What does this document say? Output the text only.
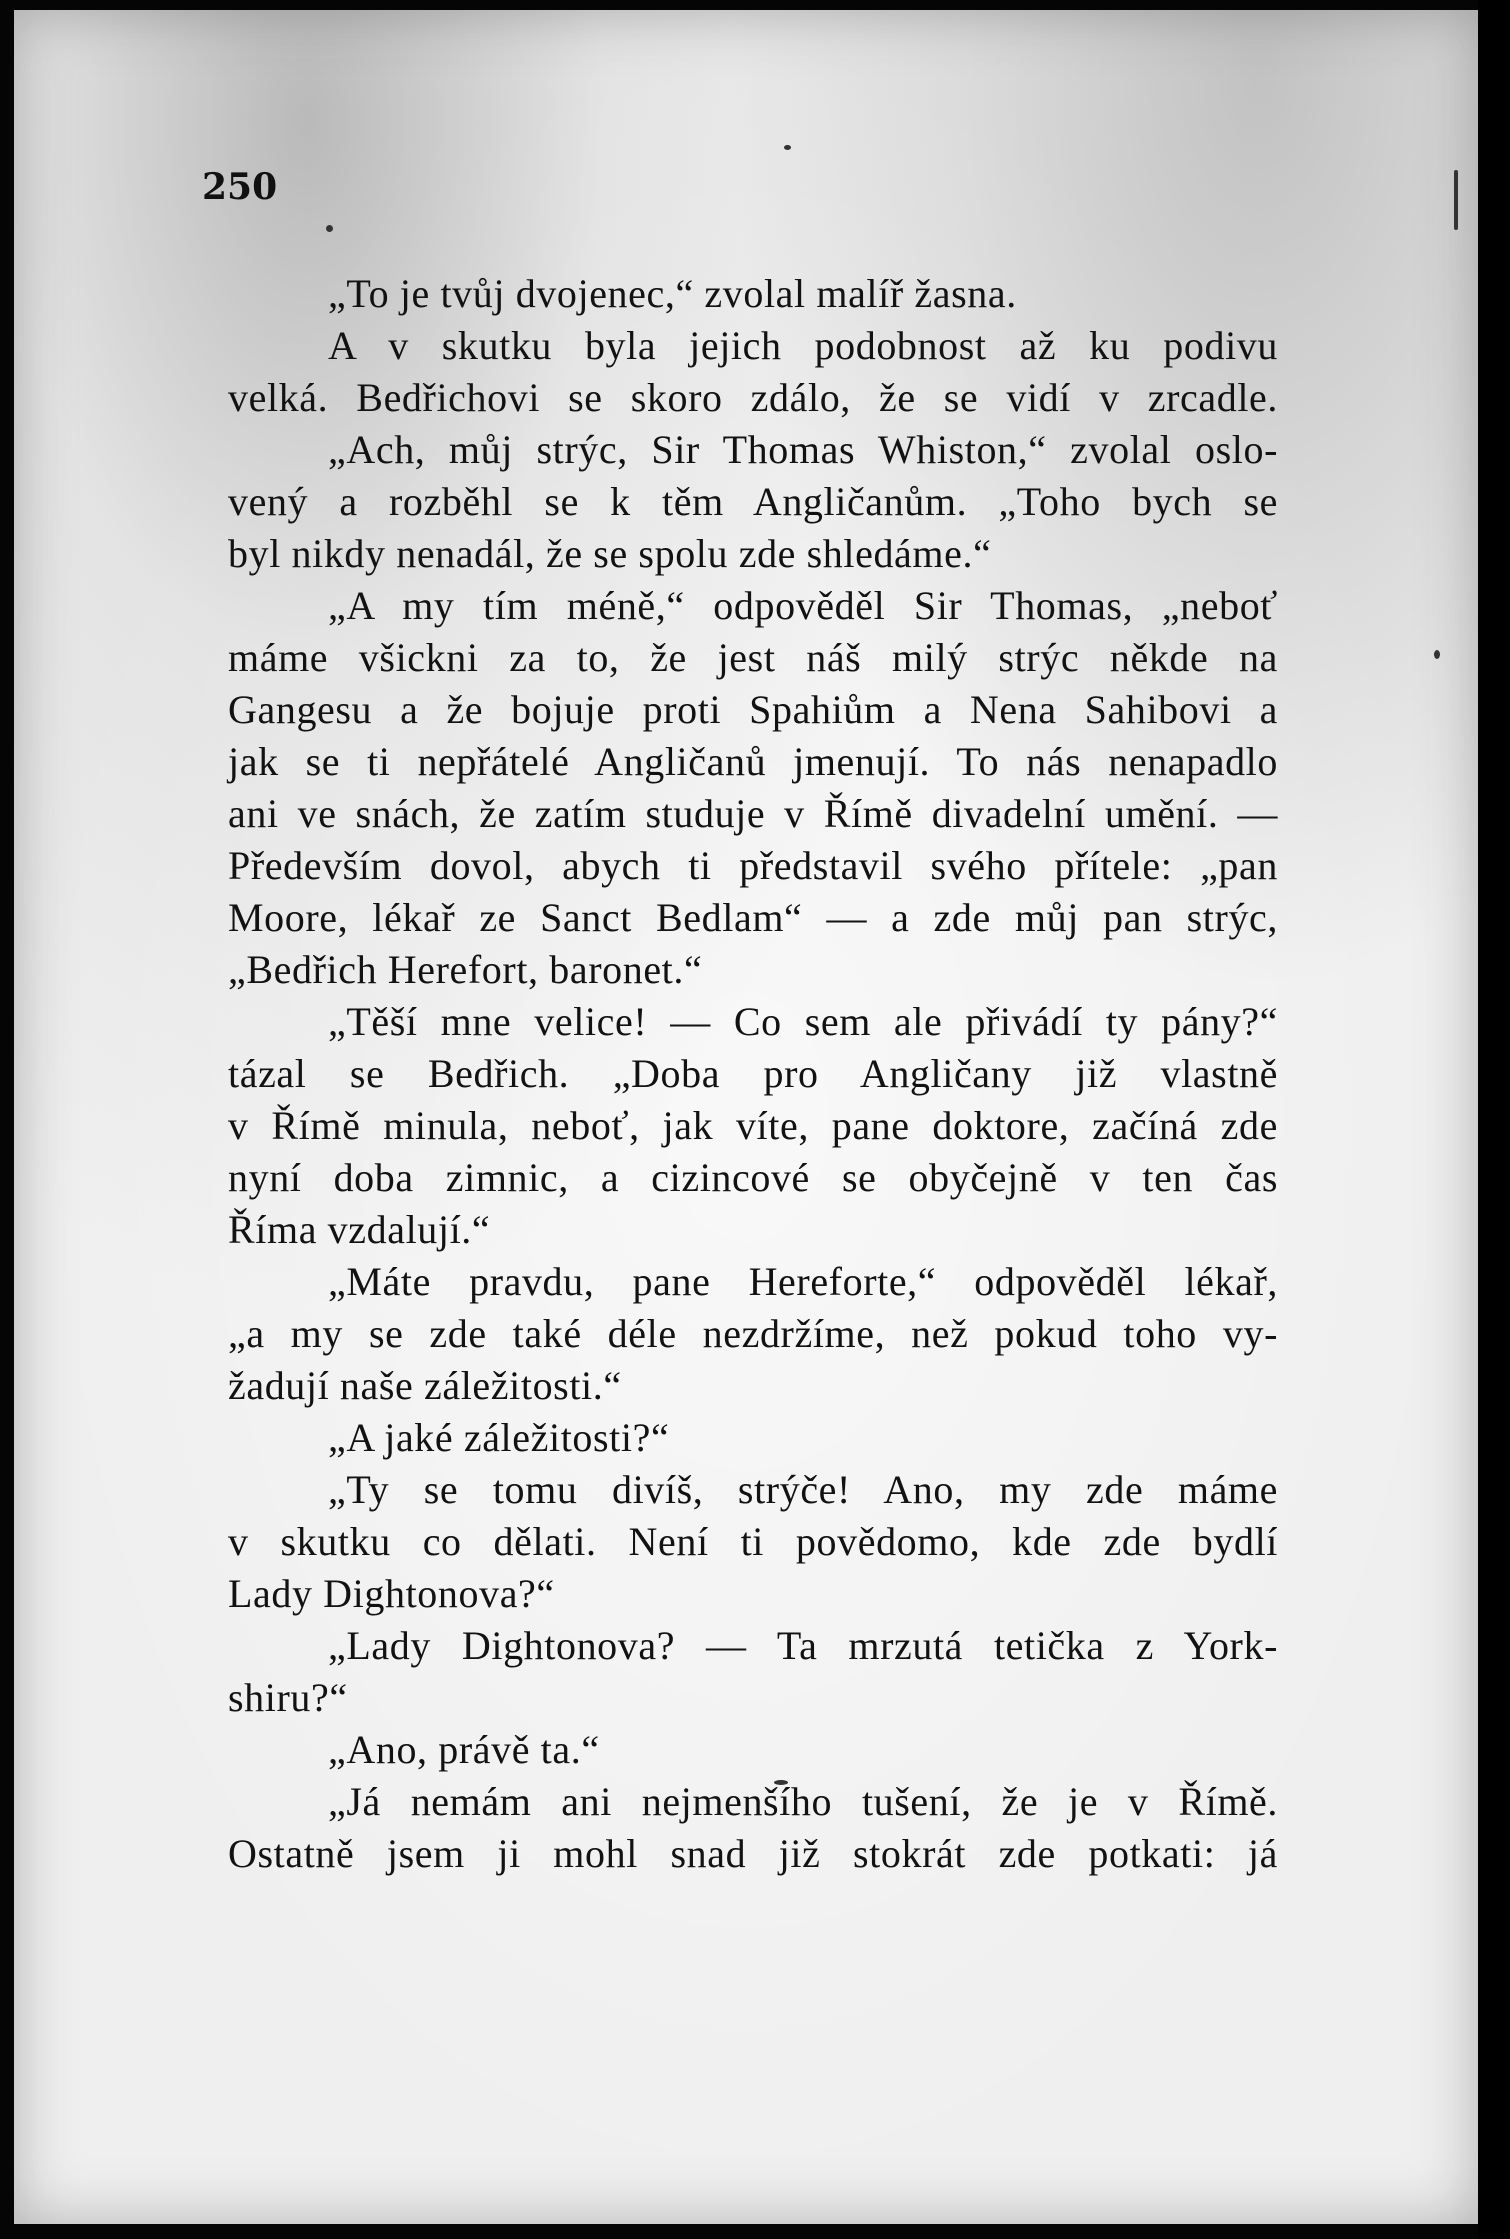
250
„To je tvůj dvojenec,“ zvolal malíř žasna.
A v skutku byla jejich podobnost až ku podivu
velká. Bedřichovi se skoro zdálo, že se vidí v zrcadle.
„Ach, můj strýc, Sir Thomas Whiston,“ zvolal oslo-
vený a rozběhl se k těm Angličanům. „Toho bych se
byl nikdy nenadál, že se spolu zde shledáme.“
„A my tím méně,“ odpověděl Sir Thomas, „neboť
máme všickni za to, že jest náš milý strýc někde na
Gangesu a že bojuje proti Spahiům a Nena Sahibovi a
jak se ti nepřátelé Angličanů jmenují. To nás nenapadlo
ani ve snách, že zatím studuje v Římě divadelní umění. —
Především dovol, abych ti představil svého přítele: „pan
Moore, lékař ze Sanct Bedlam“ — a zde můj pan strýc,
„Bedřich Herefort, baronet.“
„Těší mne velice! — Co sem ale přivádí ty pány?“
tázal se Bedřich. „Doba pro Angličany již vlastně
v Římě minula, neboť, jak víte, pane doktore, začíná zde
nyní doba zimnic, a cizincové se obyčejně v ten čas
Říma vzdalují.“
„Máte pravdu, pane Hereforte,“ odpověděl lékař,
„a my se zde také déle nezdržíme, než pokud toho vy-
žadují naše záležitosti.“
„A jaké záležitosti?“
„Ty se tomu divíš, strýče! Ano, my zde máme
v skutku co dělati. Není ti povědomo, kde zde bydlí
Lady Dightonova?“
„Lady Dightonova? — Ta mrzutá tetička z York-
shiru?“
„Ano, právě ta.“
„Já nemám ani nejmenšího tušení, že je v Římě.
Ostatně jsem ji mohl snad již stokrát zde potkati: já
